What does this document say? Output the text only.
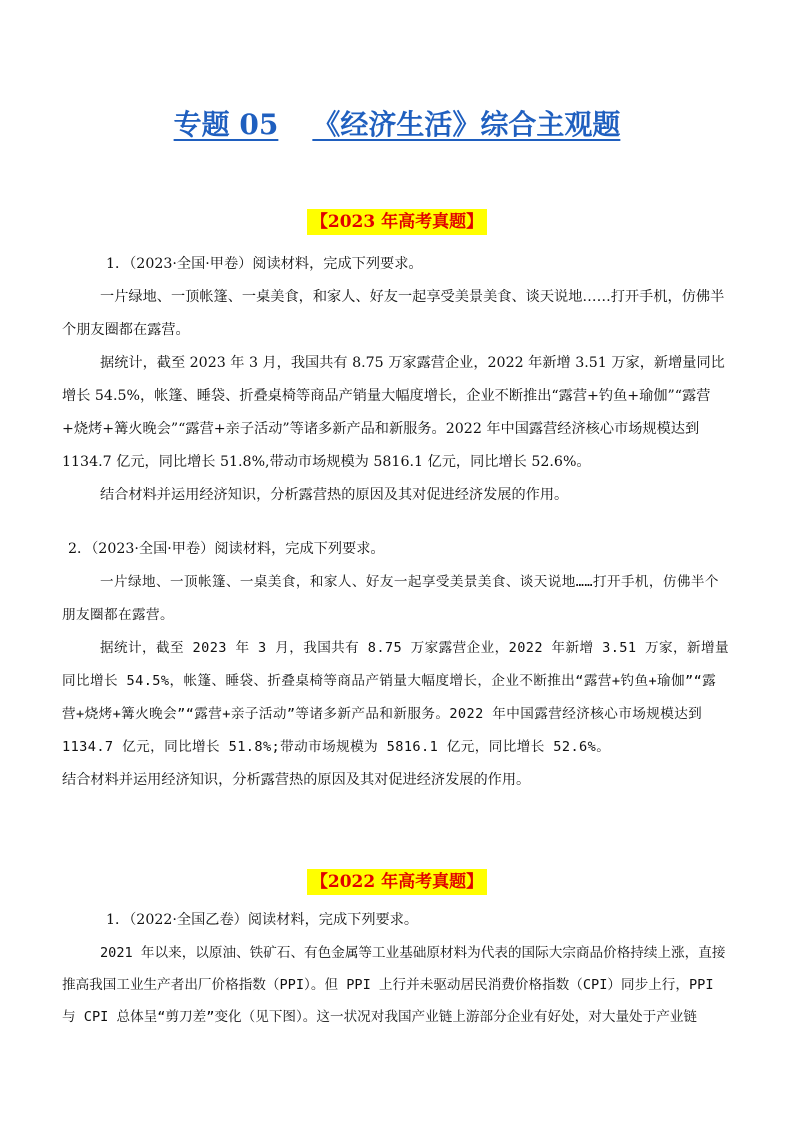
专题 05 《经济生活》综合主观题
【2023 年高考真题】

1．（2023·全国·甲卷）阅读材料，完成下列要求。

一片绿地、一顶帐篷、一桌美食，和家人、好友一起享受美景美食、谈天说地……打开手机，仿佛半个朋友圈都在露营。

据统计，截至 2023 年 3 月，我国共有 8.75 万家露营企业，2022 年新增 3.51 万家，新增量同比增长 54.5%，帐篷、睡袋、折叠桌椅等商品产销量大幅度增长，企业不断推出“露营+钓鱼+瑜伽”“露营+烧烤+篝火晚会”“露营+亲子活动”等诸多新产品和新服务。2022 年中国露营经济核心市场规模达到 1134.7 亿元，同比增长 51.8%,带动市场规模为 5816.1 亿元，同比增长 52.6%。

结合材料并运用经济知识，分析露营热的原因及其对促进经济发展的作用。

2．（2023·全国·甲卷）阅读材料，完成下列要求。

一片绿地、一顶帐篷、一桌美食，和家人、好友一起享受美景美食、谈天说地……打开手机，仿佛半个朋友圈都在露营。

据统计，截至 2023 年 3 月，我国共有 8.75 万家露营企业，2022 年新增 3.51 万家，新增量同比增长 54.5%，帐篷、睡袋、折叠桌椅等商品产销量大幅度增长，企业不断推出“露营+钓鱼+瑜伽”“露营+烧烤+篝火晚会”“露营+亲子活动”等诸多新产品和新服务。2022 年中国露营经济核心市场规模达到 1134.7 亿元，同比增长 51.8%;带动市场规模为 5816.1 亿元，同比增长 52.6%。

结合材料并运用经济知识，分析露营热的原因及其对促进经济发展的作用。

【2022 年高考真题】

1．（2022·全国乙卷）阅读材料，完成下列要求。

2021 年以来，以原油、铁矿石、有色金属等工业基础原材料为代表的国际大宗商品价格持续上涨，直接推高我国工业生产者出厂价格指数（PPI）。但 PPI 上行并未驱动居民消费价格指数（CPI）同步上行，PPI 与 CPI 总体呈“剪刀差”变化（见下图）。这一状况对我国产业链上游部分企业有好处，对大量处于产业链
